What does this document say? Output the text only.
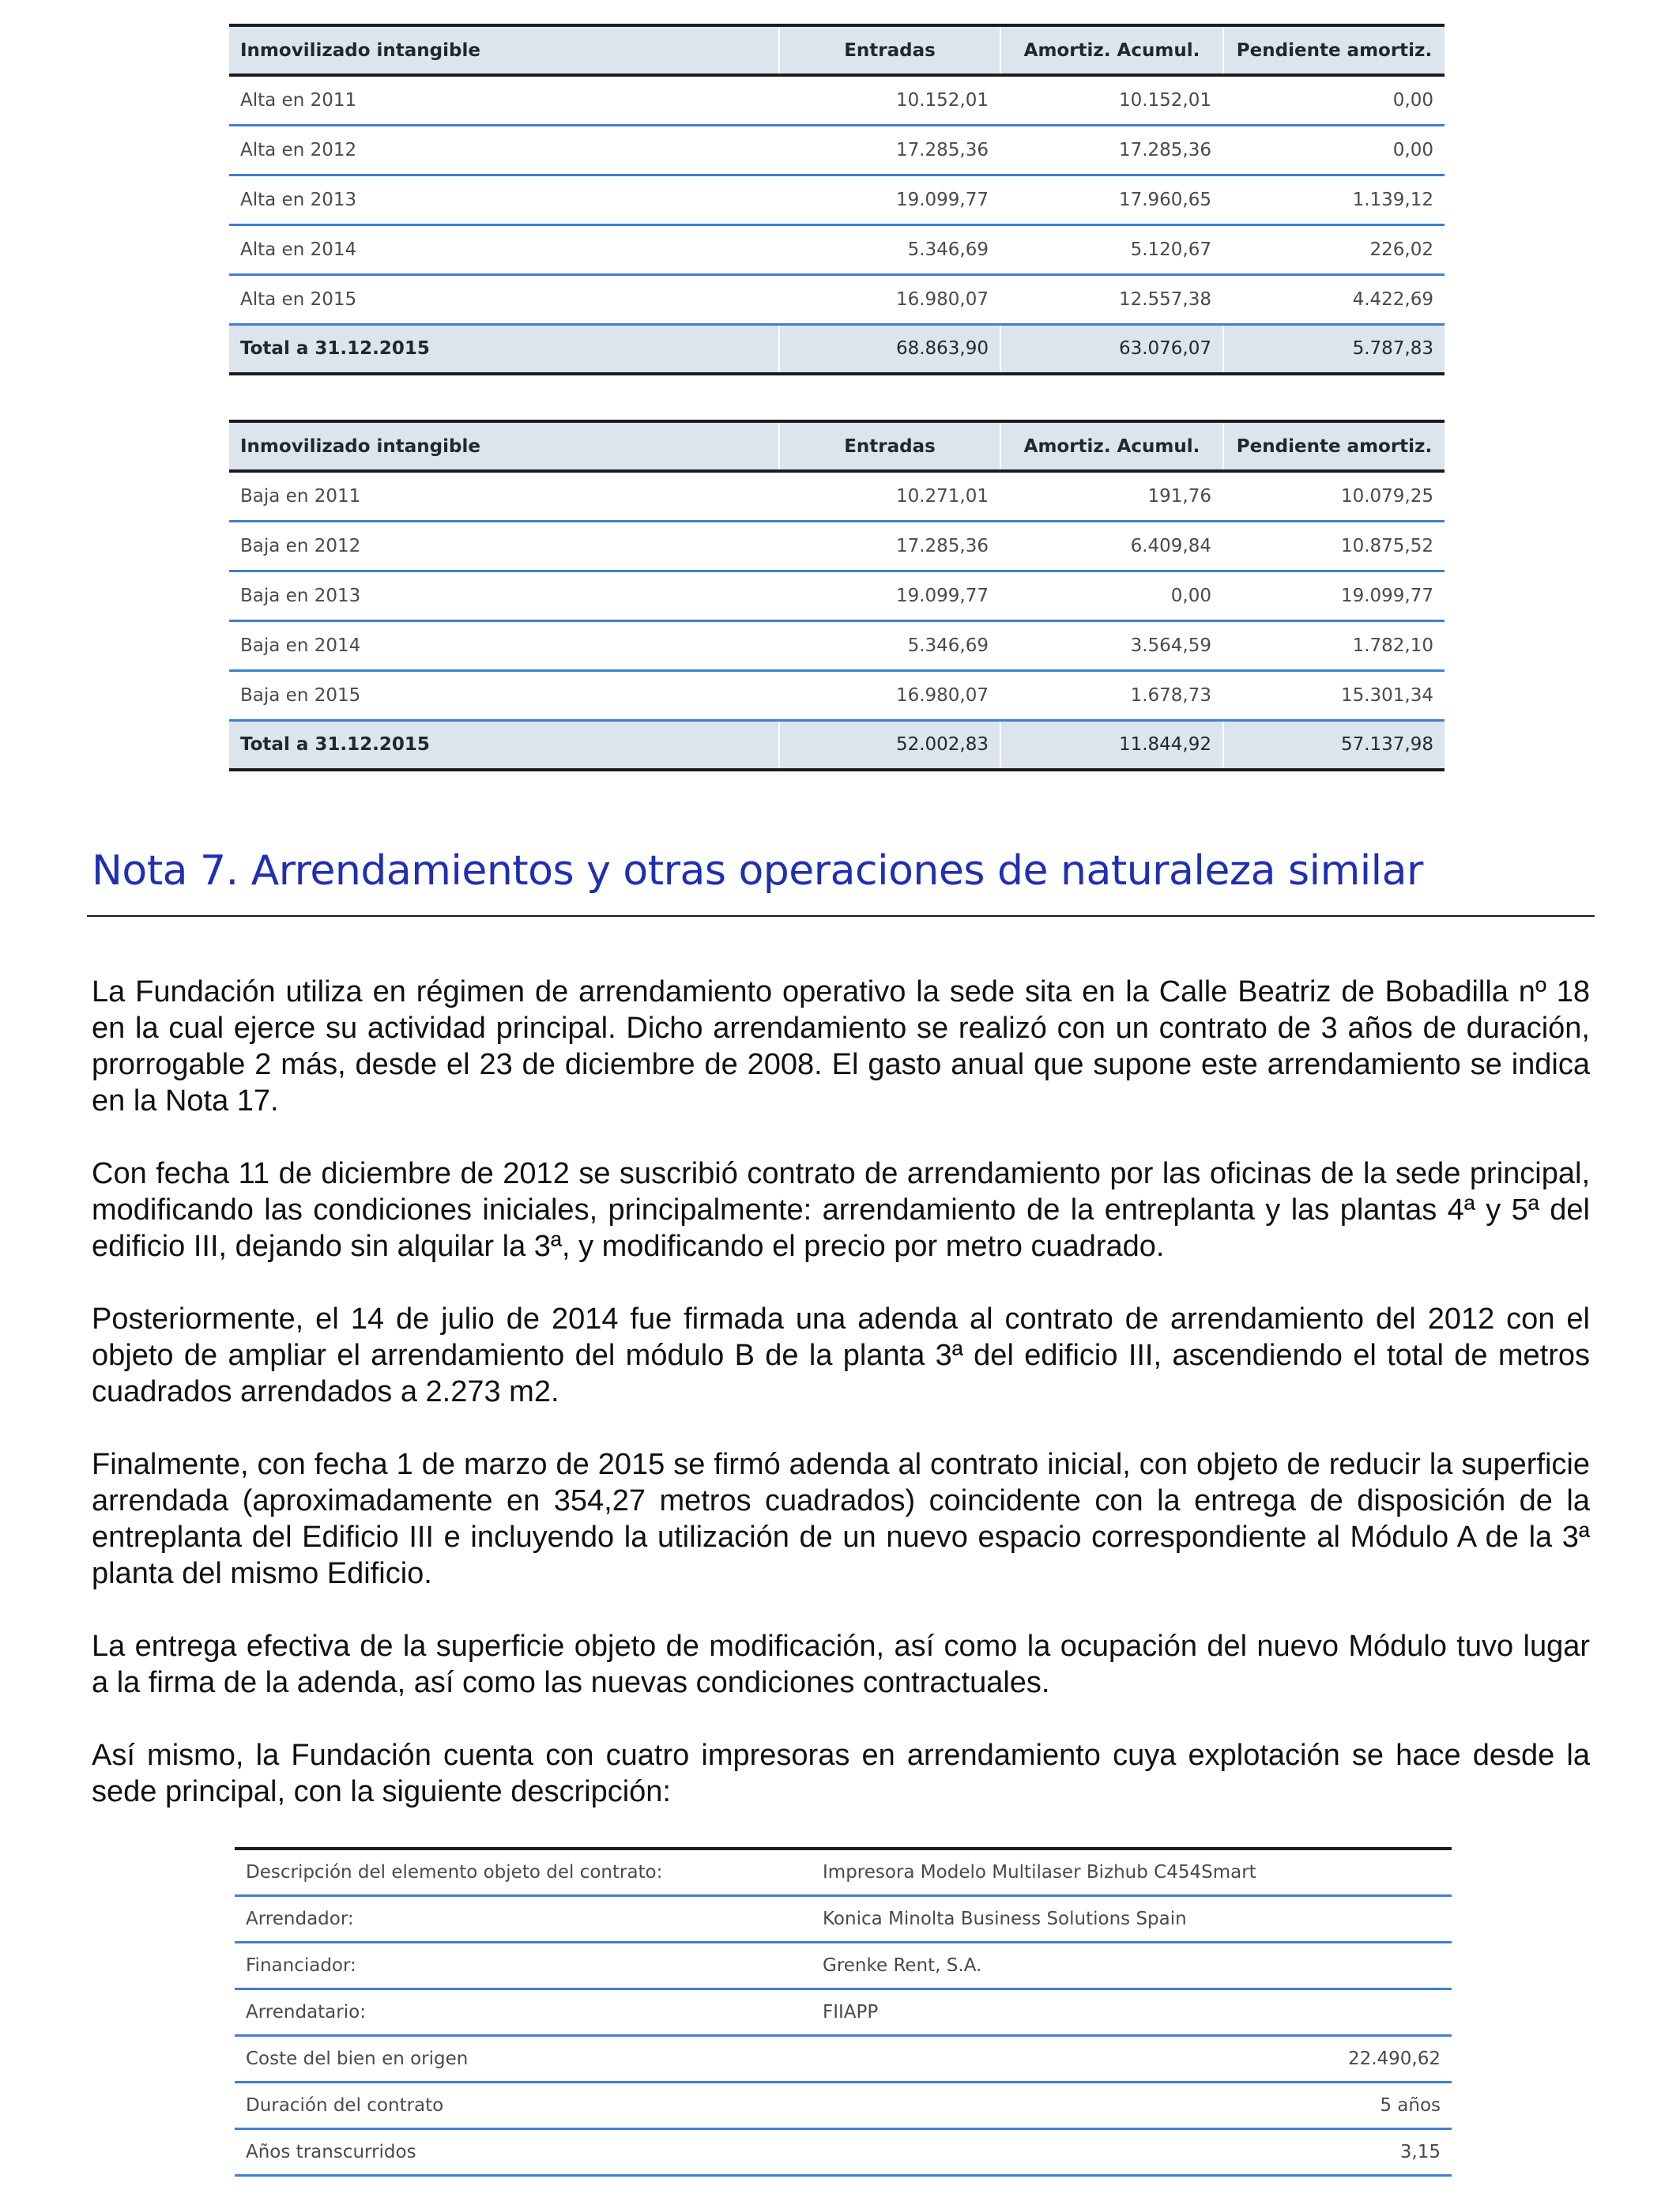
Inmovilizado intangible	Entradas	Amortiz. Acumul.	Pendiente amortiz.
Alta en 2011	10.152,01	10.152,01	0,00
Alta en 2012	17.285,36	17.285,36	0,00
Alta en 2013	19.099,77	17.960,65	1.139,12
Alta en 2014	5.346,69	5.120,67	226,02
Alta en 2015	16.980,07	12.557,38	4.422,69
Total a 31.12.2015	68.863,90	63.076,07	5.787,83
Inmovilizado intangible	Entradas	Amortiz. Acumul.	Pendiente amortiz.
Baja en 2011	10.271,01	191,76	10.079,25
Baja en 2012	17.285,36	6.409,84	10.875,52
Baja en 2013	19.099,77	0,00	19.099,77
Baja en 2014	5.346,69	3.564,59	1.782,10
Baja en 2015	16.980,07	1.678,73	15.301,34
Total a 31.12.2015	52.002,83	11.844,92	57.137,98
Nota 7. Arrendamientos y otras operaciones de naturaleza similar

La Fundación utiliza en régimen de arrendamiento operativo la sede sita en la Calle Beatriz de Bobadilla nº 18 en la cual ejerce su actividad principal. Dicho arrendamiento se realizó con un contrato de 3 años de duración, prorrogable 2 más, desde el 23 de diciembre de 2008. El gasto anual que supone este arrendamiento se indica en la Nota 17.

Con fecha 11 de diciembre de 2012 se suscribió contrato de arrendamiento por las oficinas de la sede principal, modificando las condiciones iniciales, principalmente: arrendamiento de la entreplanta y las plantas 4ª y 5ª del edificio III, dejando sin alquilar la 3ª, y modificando el precio por metro cuadrado.

Posteriormente, el 14 de julio de 2014 fue firmada una adenda al contrato de arrendamiento del 2012 con el objeto de ampliar el arrendamiento del módulo B de la planta 3ª del edificio III, ascendiendo el total de metros cuadrados arrendados a 2.273 m2.

Finalmente, con fecha 1 de marzo de 2015 se firmó adenda al contrato inicial, con objeto de reducir la superficie arrendada (aproximadamente en 354,27 metros cuadrados) coincidente con la entrega de disposición de la entreplanta del Edificio III e incluyendo la utilización de un nuevo espacio correspondiente al Módulo A de la 3ª planta del mismo Edificio.

La entrega efectiva de la superficie objeto de modificación, así como la ocupación del nuevo Módulo tuvo lugar a la firma de la adenda, así como las nuevas condiciones contractuales.

Así mismo, la Fundación cuenta con cuatro impresoras en arrendamiento cuya explotación se hace desde la sede principal, con la siguiente descripción:

Descripción del elemento objeto del contrato:	Impresora Modelo Multilaser Bizhub C454Smart
Arrendador:	Konica Minolta Business Solutions Spain
Financiador:	Grenke Rent, S.A.
Arrendatario:	FIIAPP
Coste del bien en origen	22.490,62
Duración del contrato	5 años
Años transcurridos	3,15
